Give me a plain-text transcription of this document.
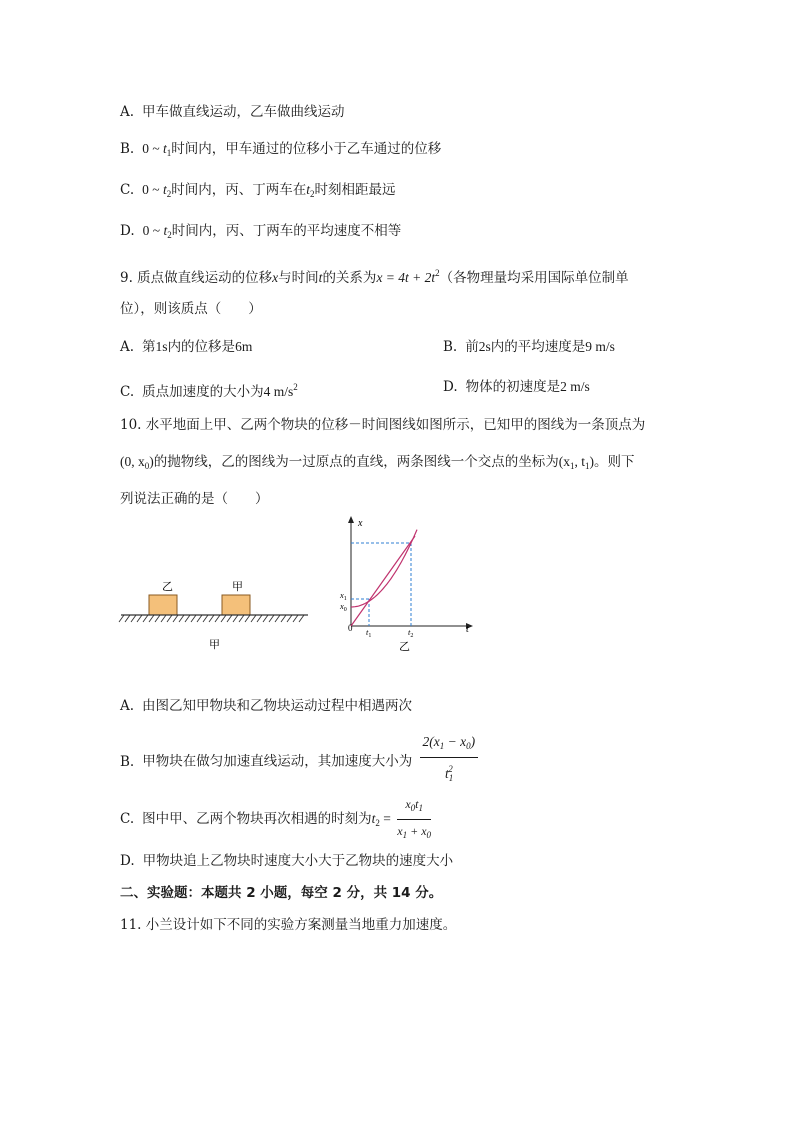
A. 甲车做直线运动，乙车做曲线运动
B. 0 ~ $t_1$时间内，甲车通过的位移小于乙车通过的位移
C. 0 ~ $t_2$时间内，丙、丁两车在$t_2$时刻相距最远
D. 0 ~ $t_2$时间内，丙、丁两车的平均速度不相等
9. 质点做直线运动的位移x与时间t的关系为$x = 4t + 2t^2$（各物理量均采用国际单位制单
位），则该质点（　　）
A. 第1s内的位移是6m	B. 前2s内的平均速度是9 m/s
C. 质点加速度的大小为4 $m/s^2$	D. 物体的初速度是2 m/s
10. 水平地面上甲、乙两个物块的位移－时间图线如图所示，已知甲的图线为一条顶点为
(0, $x_0$)的抛物线，乙的图线为一过原点的直线，两条图线一个交点的坐标为($x_1$, $t_1$)。则下
列说法正确的是（　　）
乙	甲
甲
x
t
0
$x_1$
$x_0$
$t_1$	$t_2$
乙
A. 由图乙知甲物块和乙物块运动过程中相遇两次
B. 甲物块在做匀加速直线运动，其加速度大小为 $\frac{2(x_1 - x_0)}{t_1^2}$
C. 图中甲、乙两个物块再次相遇的时刻为$t_2 = \frac{x_0t_1}{x_1 + x_0}$
D. 甲物块追上乙物块时速度大小大于乙物块的速度大小
二、实验题：本题共 2 小题，每空 2 分，共 14 分。
11. 小兰设计如下不同的实验方案测量当地重力加速度。
